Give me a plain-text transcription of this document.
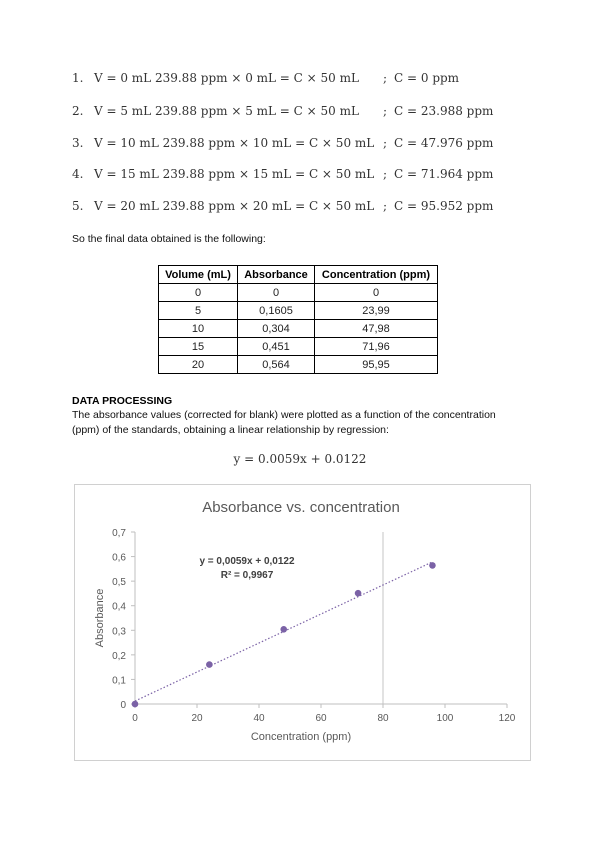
1. V = 0 mL 239.88 ppm × 0 mL = C × 50 mL ; C = 0 ppm
2. V = 5 mL 239.88 ppm × 5 mL = C × 50 mL ; C = 23.988 ppm
3. V = 10 mL 239.88 ppm × 10 mL = C × 50 mL ; C = 47.976 ppm
4. V = 15 mL 239.88 ppm × 15 mL = C × 50 mL ; C = 71.964 ppm
5. V = 20 mL 239.88 ppm × 20 mL = C × 50 mL ; C = 95.952 ppm
So the final data obtained is the following:
Volume (mL)	Absorbance	Concentration (ppm)
0	0	0
5	0,1605	23,99
10	0,304	47,98
15	0,451	71,96
20	0,564	95,95
DATA PROCESSING
The absorbance values (corrected for blank) were plotted as a function of the concentration
(ppm) of the standards, obtaining a linear relationship by regression:
y = 0.0059x + 0.0122
Absorbance vs. concentration
0
0,1
0,2
0,3
0,4
0,5
0,6
0,7
0	20	40	60	80	100	120
Concentration (ppm)
Absorbance
y = 0,0059x + 0,0122
R² = 0,9967
